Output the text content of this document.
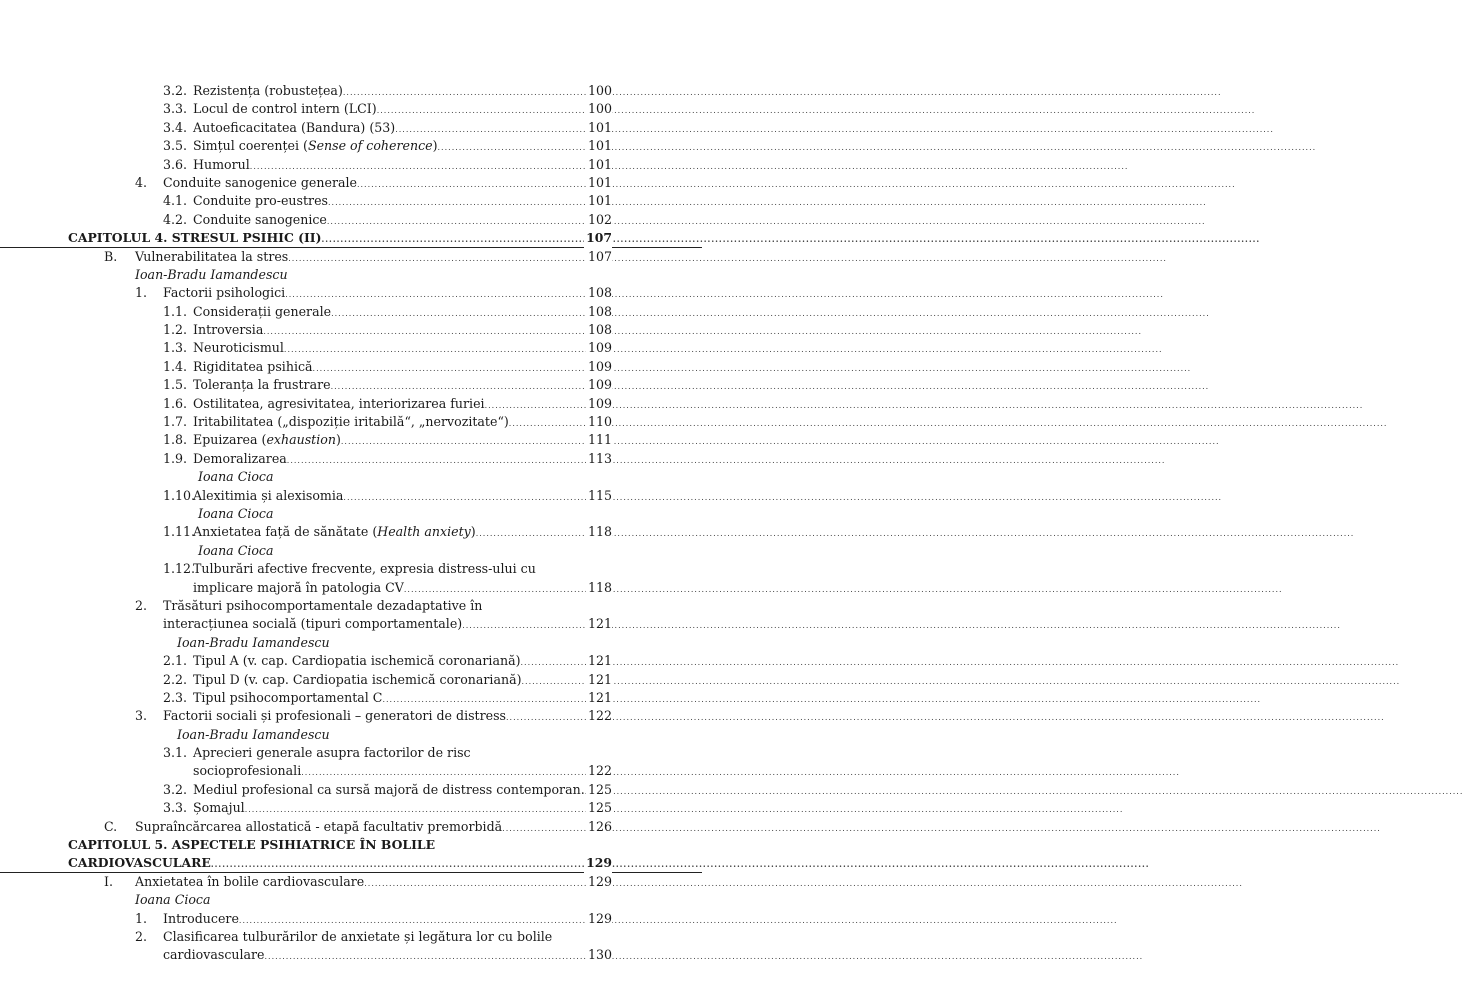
3.2. Rezistența (robustețea) .....	100
3.3. Locul de control intern (LCI) .....	100
3.4. Autoeficacitatea (Bandura) (53) .....	101
3.5. Simțul coerenței (Sense of coherence) .....	101
3.6. Humorul .....	101
4.	Conduite sanogenice generale .....	101
4.1. Conduite pro-eustres .....	101
4.2. Conduite sanogenice .....	102
CAPITOLUL 4. STRESUL PSIHIC (II) .....	107
B.	Vulnerabilitatea la stres .....	107
Ioan-Bradu Iamandescu
1.	Factorii psihologici .....	108
1.1. Considerații generale .....	108
1.2. Introversia .....	108
1.3. Neuroticismul .....	109
1.4. Rigiditatea psihică .....	109
1.5. Toleranța la frustrare .....	109
1.6. Ostilitatea, agresivitatea, interiorizarea furiei .....	109
1.7. Iritabilitatea („dispoziție iritabilă“, „nervozitate“) .....	110
1.8. Epuizarea (exhaustion) .....	111
1.9. Demoralizarea .....	113
Ioana Cioca
1.10.
Alexitimia și alexisomia .....	115
Ioana Cioca
1.11.
Anxietatea față de sănătate (Health anxiety) .....	118
Ioana Cioca
1.12.
Tulburări afective frecvente, expresia distress-ului cu
implicare majoră în patologia CV .....	118
2.	Trăsături psihocomportamentale dezadaptative în
interacțiunea socială (tipuri comportamentale) .....	121
Ioan-Bradu Iamandescu
2.1. Tipul A (v. cap. Cardiopatia ischemică coronariană) .....	121
2.2. Tipul D (v. cap. Cardiopatia ischemică coronariană) .....	121
2.3. Tipul psihocomportamental C .....	121
3.	Factorii sociali și profesionali – generatori de distress .....	122
Ioan-Bradu Iamandescu
3.1. Aprecieri generale asupra factorilor de risc
socioprofesionali .....	122
3.2. Mediul profesional ca sursă majoră de distress contemporan. ..... 125
3.3. Șomajul .....	125
C.	Supraîncărcarea allostatică - etapă facultativ premorbidă .....	126
CAPITOLUL 5. ASPECTELE PSIHIATRICE ÎN BOLILE
CARDIOVASCULARE .....	129
I.	Anxietatea în bolile cardiovasculare .....	129
Ioana Cioca
1.	Introducere .....	129
2.	Clasificarea tulburărilor de anxietate și legătura lor cu bolile
cardiovasculare .....	130
